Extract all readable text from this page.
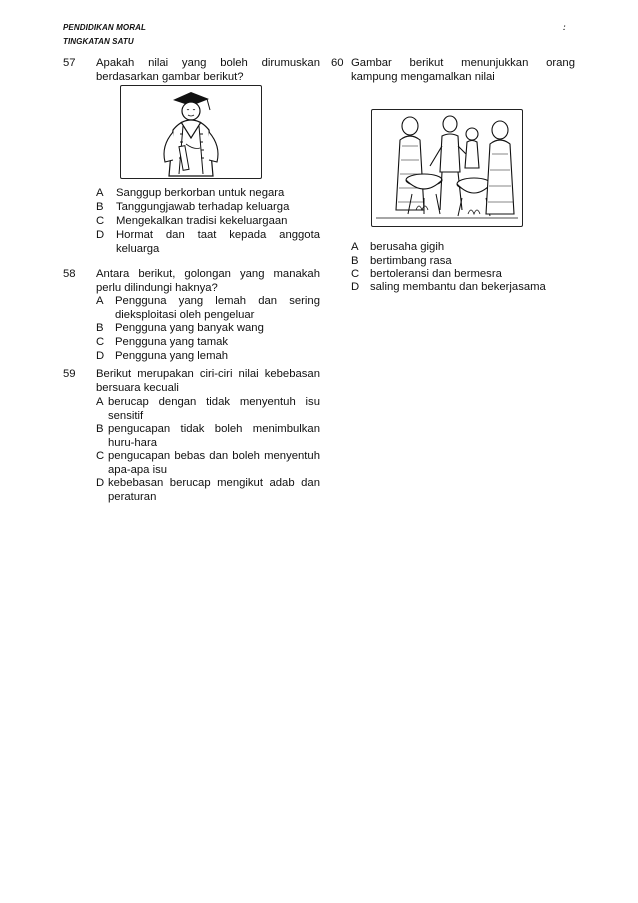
PENDIDIKAN MORAL
TINGKATAN SATU
:
57 Apakah nilai yang boleh dirumuskan berdasarkan gambar berikut?
A Sanggup berkorban untuk negara
B Tanggungjawab terhadap keluarga
C Mengekalkan tradisi kekeluargaan
D Hormat dan taat kepada anggota keluarga
58 Antara berikut, golongan yang manakah perlu dilindungi haknya?
A Pengguna yang lemah dan sering dieksploitasi oleh pengeluar
B Pengguna yang banyak wang
C Pengguna yang tamak
D Pengguna yang lemah
59 Berikut merupakan ciri-ciri nilai kebebasan bersuara kecuali
A berucap dengan tidak menyentuh isu sensitif
B pengucapan tidak boleh menimbulkan huru-hara
C pengucapan bebas dan boleh menyentuh apa-apa isu
D kebebasan berucap mengikut adab dan peraturan
60 Gambar berikut menunjukkan orang kampung mengamalkan nilai
A berusaha gigih
B bertimbang rasa
C bertoleransi dan bermesra
D saling membantu dan bekerjasama
